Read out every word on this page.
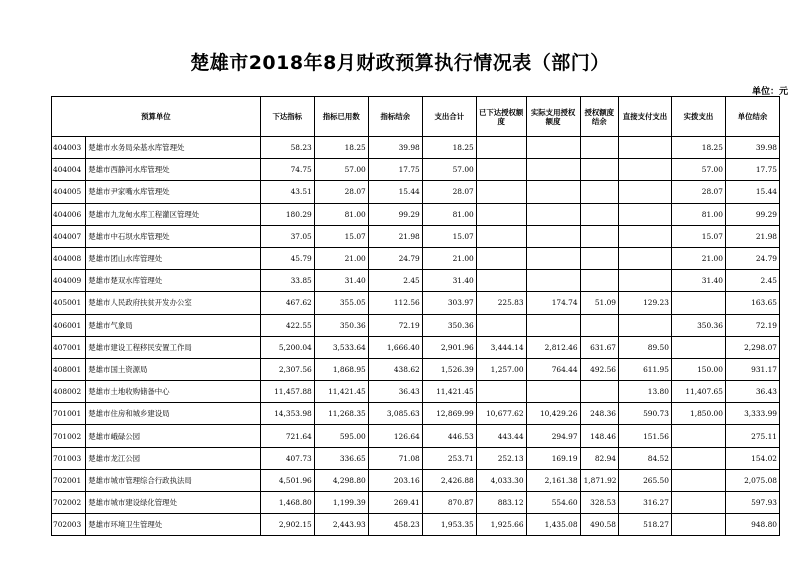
楚雄市2018年8月财政预算执行情况表（部门）
单位：元
预算单位		下达指标	指标已用数	指标结余	支出合计	已下达授权额度	实际支用授权额度	授权额度结余	直接支付支出	实拨支出	单位结余
404003	楚雄市水务局朵基水库管理处	58.23	18.25	39.98	18.25					18.25	39.98
404004	楚雄市西静河水库管理处	74.75	57.00	17.75	57.00					57.00	17.75
404005	楚雄市尹家嘴水库管理处	43.51	28.07	15.44	28.07					28.07	15.44
404006	楚雄市九龙甸水库工程灌区管理处	180.29	81.00	99.29	81.00					81.00	99.29
404007	楚雄市中石坝水库管理处	37.05	15.07	21.98	15.07					15.07	21.98
404008	楚雄市团山水库管理处	45.79	21.00	24.79	21.00					21.00	24.79
404009	楚雄市楚双水库管理处	33.85	31.40	2.45	31.40					31.40	2.45
405001	楚雄市人民政府扶贫开发办公室	467.62	355.05	112.56	303.97	225.83	174.74	51.09	129.23		163.65
406001	楚雄市气象局	422.55	350.36	72.19	350.36					350.36	72.19
407001	楚雄市建设工程移民安置工作局	5,200.04	3,533.64	1,666.40	2,901.96	3,444.14	2,812.46	631.67	89.50		2,298.07
408001	楚雄市国土资源局	2,307.56	1,868.95	438.62	1,526.39	1,257.00	764.44	492.56	611.95	150.00	931.17
408002	楚雄市土地收购储备中心	11,457.88	11,421.45	36.43	11,421.45				13.80	11,407.65	36.43
701001	楚雄市住房和城乡建设局	14,353.98	11,268.35	3,085.63	12,869.99	10,677.62	10,429.26	248.36	590.73	1,850.00	3,333.99
701002	楚雄市峨碌公园	721.64	595.00	126.64	446.53	443.44	294.97	148.46	151.56		275.11
701003	楚雄市龙江公园	407.73	336.65	71.08	253.71	252.13	169.19	82.94	84.52		154.02
702001	楚雄市城市管理综合行政执法局	4,501.96	4,298.80	203.16	2,426.88	4,033.30	2,161.38	1,871.92	265.50		2,075.08
702002	楚雄市城市建设绿化管理处	1,468.80	1,199.39	269.41	870.87	883.12	554.60	328.53	316.27		597.93
702003	楚雄市环境卫生管理处	2,902.15	2,443.93	458.23	1,953.35	1,925.66	1,435.08	490.58	518.27		948.80
